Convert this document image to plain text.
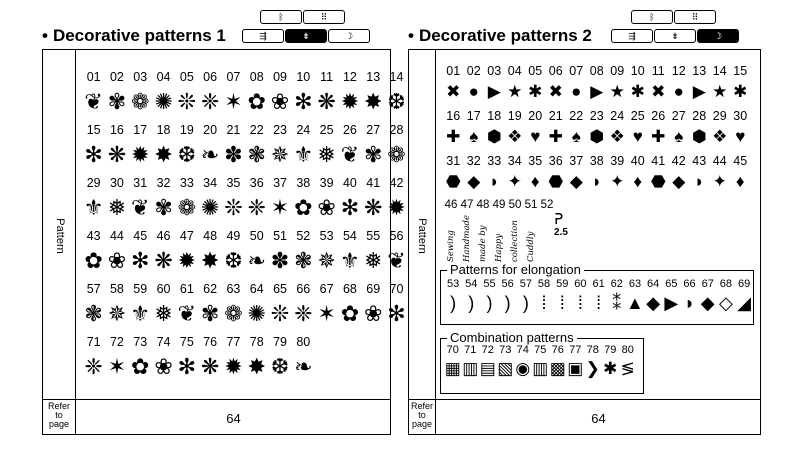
• Decorative patterns 1
ᛒ	⠿
⇶	⇟	☽
Pattern
Refer
to
page	64
01 02 03 04 05 06 07 08 09 10 11 12 13 14
❦ ✾ ❁ ✺ ❊ ❈ ✶ ✿ ❀ ✻ ❋ ✹ ✸ ❆
15 16 17 18 19 20 21 22 23 24 25 26 27 28
✻ ❋ ✹ ✸ ❆ ❧ ✽ ❃ ✵ ⚜ ❅ ❦ ✾ ❁
29 30 31 32 33 34 35 36 37 38 39 40 41 42
⚜ ❅ ❦ ✾ ❁ ✺ ❊ ❈ ✶ ✿ ❀ ✻ ❋ ✹
43 44 45 46 47 48 49 50 51 52 53 54 55 56
✿ ❀ ✻ ❋ ✹ ✸ ❆ ❧ ✽ ❃ ✵ ⚜ ❅ ❦
57 58 59 60 61 62 63 64 65 66 67 68 69 70
❃ ✵ ⚜ ❅ ❦ ✾ ❁ ✺ ❊ ❈ ✶ ✿ ❀ ✻
71 72 73 74 75 76 77 78 79 80
❈ ✶ ✿ ❀ ✻ ❋ ✹ ✸ ❆ ❧
• Decorative patterns 2
ᛒ	⠿
⇶	⇟	☽
Pattern
Refer
to
page	64
01 02 03 04 05 06 07 08 09 10 11 12 13 14 15
✖ ● ▶ ★ ✱ ✖ ● ▶ ★ ✱ ✖ ● ▶ ★ ✱
16 17 18 19 20 21 22 23 24 25 26 27 28 29 30
✚ ♠ ⬢ ❖ ♥ ✚ ♠ ⬢ ❖ ♥ ✚ ♠ ⬢ ❖ ♥
31 32 33 34 35 36 37 38 39 40 41 42 43 44 45
⬣ ◆ ◗ ✦ ♦ ⬣ ◆ ◗ ✦ ♦ ⬣ ◆ ◗ ✦ ♦
46 47 48 49 50 51 52
Sewing Handmade made by Happy collection Cuddly
ᕈ
2.5
Patterns for elongation
53 54 55 56 57 58 59 60 61 62 63 64 65 66 67 68 69
) ) ) ) ) ⁞ ⁞ ⁞ ⁞ ⁑ ▲ ◆ ▶ ◗ ◆ ◇ ◢
Combination patterns
70 71 72 73 74 75 76 77 78 79 80
▦ ▥ ▤ ▧ ◉ ▥ ▩ ▣ ❯ ✱ ≶
